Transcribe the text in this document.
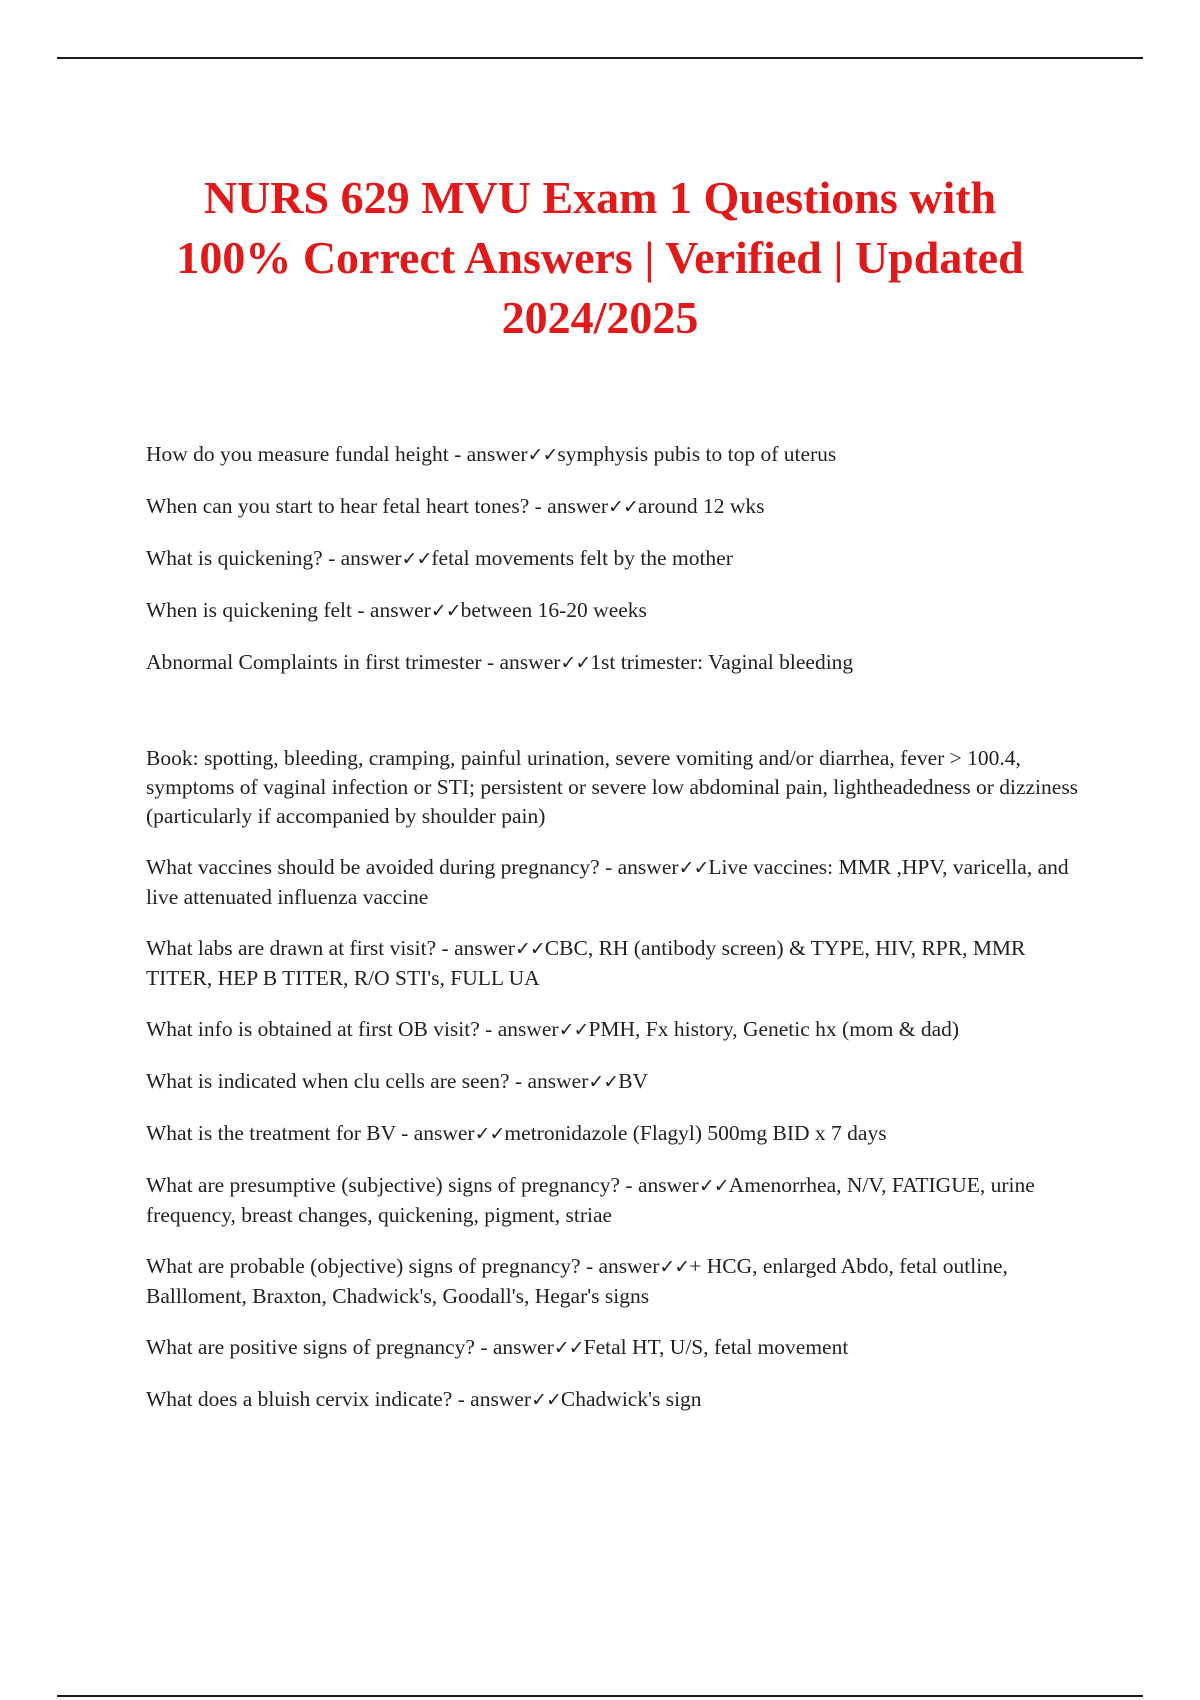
NURS 629 MVU Exam 1 Questions with
100% Correct Answers | Verified | Updated
2024/2025

How do you measure fundal height - answer✓✓symphysis pubis to top of uterus

When can you start to hear fetal heart tones? - answer✓✓around 12 wks

What is quickening? - answer✓✓fetal movements felt by the mother

When is quickening felt - answer✓✓between 16-20 weeks

Abnormal Complaints in first trimester - answer✓✓1st trimester: Vaginal bleeding

Book: spotting, bleeding, cramping, painful urination, severe vomiting and/or diarrhea, fever > 100.4, symptoms of vaginal infection or STI; persistent or severe low abdominal pain, lightheadedness or dizziness (particularly if accompanied by shoulder pain)

What vaccines should be avoided during pregnancy? - answer✓✓Live vaccines: MMR ,HPV, varicella, and live attenuated influenza vaccine

What labs are drawn at first visit? - answer✓✓CBC, RH (antibody screen) & TYPE, HIV, RPR, MMR TITER, HEP B TITER, R/O STI's, FULL UA

What info is obtained at first OB visit? - answer✓✓PMH, Fx history, Genetic hx (mom & dad)

What is indicated when clu cells are seen? - answer✓✓BV

What is the treatment for BV - answer✓✓metronidazole (Flagyl) 500mg BID x 7 days

What are presumptive (subjective) signs of pregnancy? - answer✓✓Amenorrhea, N/V, FATIGUE, urine frequency, breast changes, quickening, pigment, striae

What are probable (objective) signs of pregnancy? - answer✓✓+ HCG, enlarged Abdo, fetal outline, Ballloment, Braxton, Chadwick's, Goodall's, Hegar's signs

What are positive signs of pregnancy? - answer✓✓Fetal HT, U/S, fetal movement

What does a bluish cervix indicate? - answer✓✓Chadwick's sign
